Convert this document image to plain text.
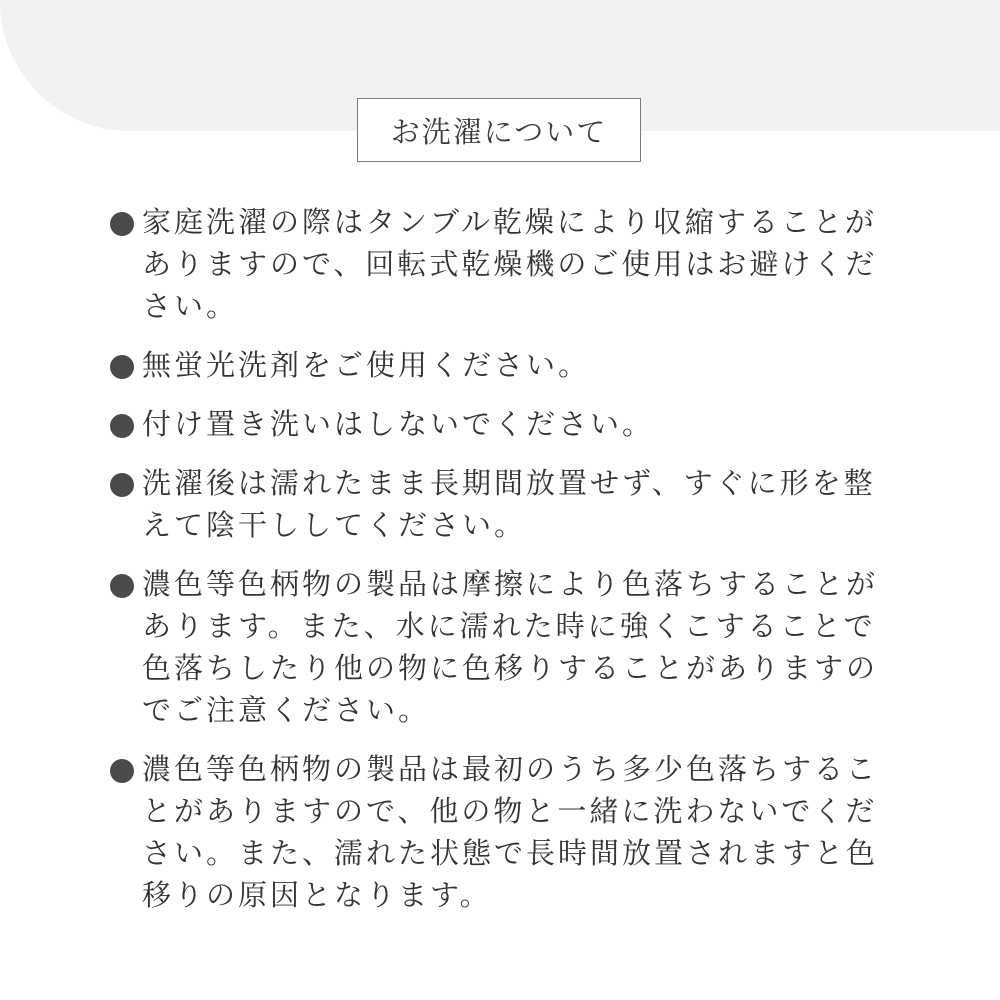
お洗濯について
家庭洗濯の際はタンブル乾燥により収縮することがありますので、回転式乾燥機のご使用はお避けください。
無蛍光洗剤をご使用ください。
付け置き洗いはしないでください。
洗濯後は濡れたまま長期間放置せず、すぐに形を整えて陰干ししてください。
濃色等色柄物の製品は摩擦により色落ちすることがあります。また、水に濡れた時に強くこすることで色落ちしたり他の物に色移りすることがありますのでご注意ください。
濃色等色柄物の製品は最初のうち多少色落ちすることがありますので、他の物と一緒に洗わないでください。また、濡れた状態で長時間放置されますと色移りの原因となります。
